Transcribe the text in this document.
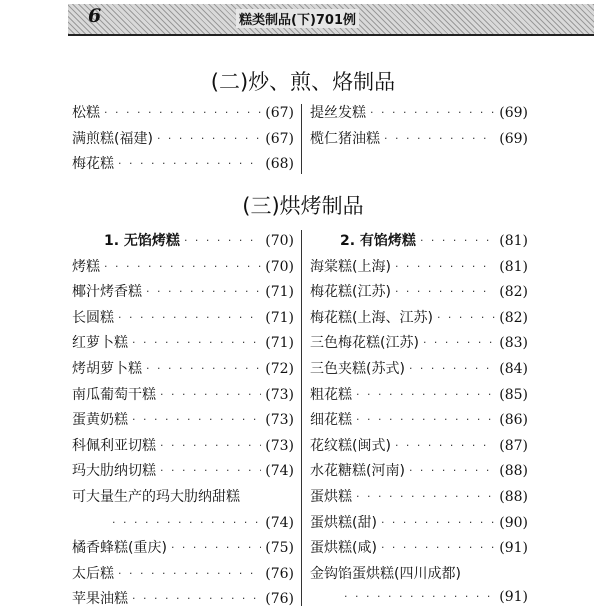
6	糕类制品(下)701例
(二)炒、煎、烙制品
松糕 · · ·	(67)
满煎糕(福建) · · ·	(67)
梅花糕 · · ·	(68)
提丝发糕 · · ·	(69)
榄仁猪油糕 · · ·	(69)
(三)烘烤制品
1. 无馅烤糕 · · ·	(70)
烤糕 · · ·	(70)
椰汁烤香糕 · · ·	(71)
长圆糕 · · ·	(71)
红萝卜糕 · · ·	(71)
烤胡萝卜糕 · · ·	(72)
南瓜葡萄干糕 · · ·	(73)
蛋黄奶糕 · · ·	(73)
科佩利亚切糕 · · ·	(73)
玛大肋纳切糕 · · ·	(74)
可大量生产的玛大肋纳甜糕
· · ·
(74)
橘香蜂糕(重庆) · · ·	(75)
太后糕 · · ·	(76)
苹果油糕 · · ·	(76)
2. 有馅烤糕 · · ·	(81)
海棠糕(上海) · · ·	(81)
梅花糕(江苏) · · ·	(82)
梅花糕(上海、江苏) · · ·	(82)
三色梅花糕(江苏) · · ·	(83)
三色夹糕(苏式) · · ·	(84)
粗花糕 · · ·	(85)
细花糕 · · ·	(86)
花纹糕(闽式) · · ·	(87)
水花糖糕(河南) · · ·	(88)
蛋烘糕 · · ·	(88)
蛋烘糕(甜) · · ·	(90)
蛋烘糕(咸) · · ·	(91)
金钩馅蛋烘糕(四川成都)
· · ·
(91)
